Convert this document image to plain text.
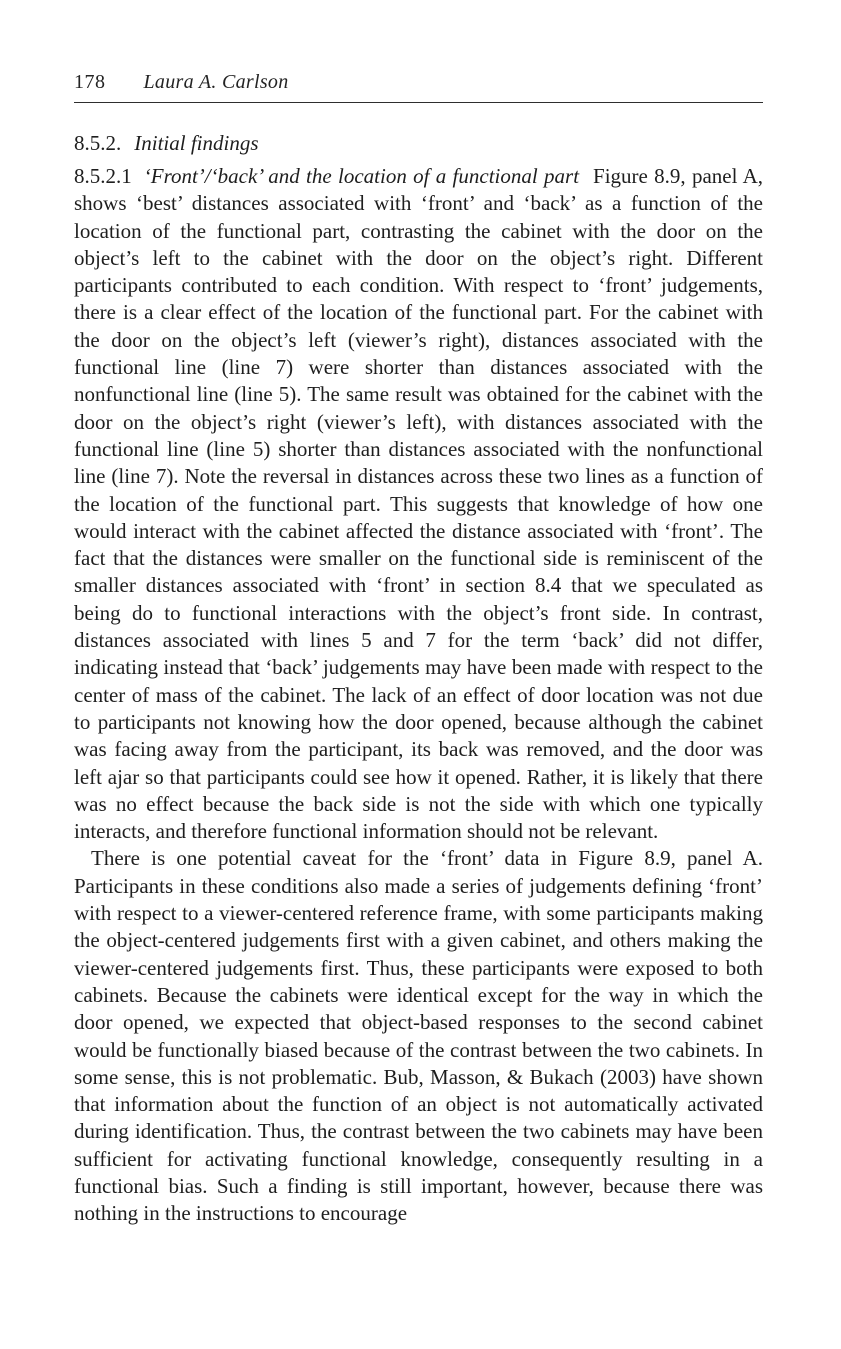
178 Laura A. Carlson
8.5.2. Initial findings

8.5.2.1 ‘Front’/‘back’ and the location of a functional part Figure 8.9, panel A, shows ‘best’ distances associated with ‘front’ and ‘back’ as a function of the location of the functional part, contrasting the cabinet with the door on the object’s left to the cabinet with the door on the object’s right. Different participants contributed to each condition. With respect to ‘front’ judgements, there is a clear effect of the location of the functional part. For the cabinet with the door on the object’s left (viewer’s right), distances associated with the functional line (line 7) were shorter than distances associated with the nonfunctional line (line 5). The same result was obtained for the cabinet with the door on the object’s right (viewer’s left), with distances associated with the functional line (line 5) shorter than distances associated with the nonfunctional line (line 7). Note the reversal in distances across these two lines as a function of the location of the functional part. This suggests that knowledge of how one would interact with the cabinet affected the distance associated with ‘front’. The fact that the distances were smaller on the functional side is reminiscent of the smaller distances associated with ‘front’ in section 8.4 that we speculated as being do to functional interactions with the object’s front side. In contrast, distances associated with lines 5 and 7 for the term ‘back’ did not differ, indicating instead that ‘back’ judgements may have been made with respect to the center of mass of the cabinet. The lack of an effect of door location was not due to participants not knowing how the door opened, because although the cabinet was facing away from the participant, its back was removed, and the door was left ajar so that participants could see how it opened. Rather, it is likely that there was no effect because the back side is not the side with which one typically interacts, and therefore functional information should not be relevant.

There is one potential caveat for the ‘front’ data in Figure 8.9, panel A. Participants in these conditions also made a series of judgements defining ‘front’ with respect to a viewer-centered reference frame, with some participants making the object-centered judgements first with a given cabinet, and others making the viewer-centered judgements first. Thus, these participants were exposed to both cabinets. Because the cabinets were identical except for the way in which the door opened, we expected that object-based responses to the second cabinet would be functionally biased because of the contrast between the two cabinets. In some sense, this is not problematic. Bub, Masson, & Bukach (2003) have shown that information about the function of an object is not automatically activated during identification. Thus, the contrast between the two cabinets may have been sufficient for activating functional knowledge, consequently resulting in a functional bias. Such a finding is still important, however, because there was nothing in the instructions to encourage
